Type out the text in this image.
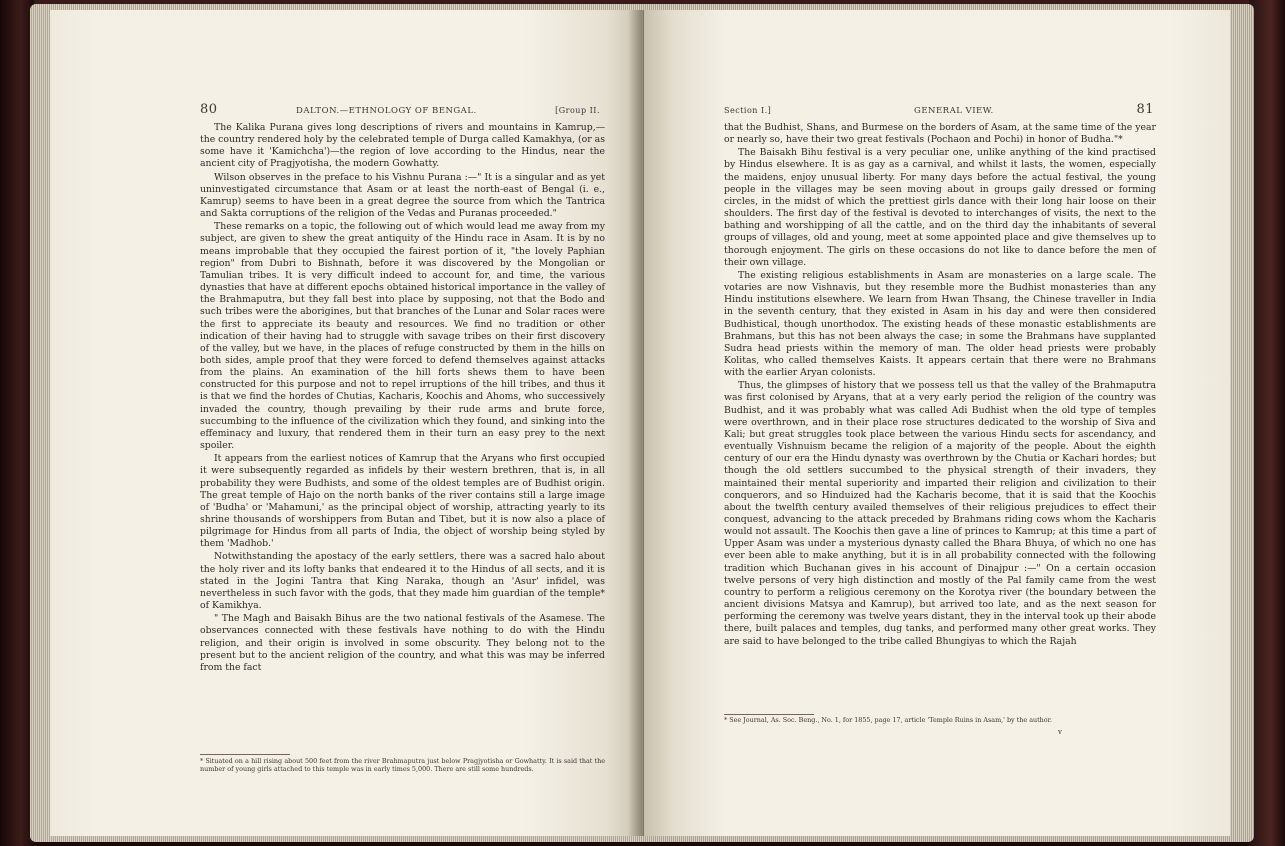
80	DALTON.—ETHNOLOGY OF BENGAL.	[Group II.

The Kalika Purana gives long descriptions of rivers and mountains in Kamrup,—the country rendered holy by the celebrated temple of Durga called Kamakhya, (or as some have it 'Kamichcha')—the region of love according to the Hindus, near the ancient city of Pragjyotisha, the modern Gowhatty.

Wilson observes in the preface to his Vishnu Purana :—" It is a singular and as yet uninvestigated circumstance that Asam or at least the north-east of Bengal (i. e., Kamrup) seems to have been in a great degree the source from which the Tantrica and Sakta corruptions of the religion of the Vedas and Puranas proceeded."

These remarks on a topic, the following out of which would lead me away from my subject, are given to shew the great antiquity of the Hindu race in Asam. It is by no means improbable that they occupied the fairest portion of it, "the lovely Paphian region" from Dubri to Bishnath, before it was discovered by the Mongolian or Tamulian tribes. It is very difficult indeed to account for, and time, the various dynasties that have at different epochs obtained historical importance in the valley of the Brahmaputra, but they fall best into place by supposing, not that the Bodo and such tribes were the aborigines, but that branches of the Lunar and Solar races were the first to appreciate its beauty and resources. We find no tradition or other indication of their having had to struggle with savage tribes on their first discovery of the valley, but we have, in the places of refuge constructed by them in the hills on both sides, ample proof that they were forced to defend themselves against attacks from the plains. An examination of the hill forts shews them to have been constructed for this purpose and not to repel irruptions of the hill tribes, and thus it is that we find the hordes of Chutias, Kacharis, Koochis and Ahoms, who successively invaded the country, though prevailing by their rude arms and brute force, succumbing to the influence of the civilization which they found, and sinking into the effeminacy and luxury, that rendered them in their turn an easy prey to the next spoiler.

It appears from the earliest notices of Kamrup that the Aryans who first occupied it were subsequently regarded as infidels by their western brethren, that is, in all probability they were Budhists, and some of the oldest temples are of Budhist origin. The great temple of Hajo on the north banks of the river contains still a large image of 'Budha' or 'Mahamuni,' as the principal object of worship, attracting yearly to its shrine thousands of worshippers from Butan and Tibet, but it is now also a place of pilgrimage for Hindus from all parts of India, the object of worship being styled by them 'Madhob.'

Notwithstanding the apostacy of the early settlers, there was a sacred halo about the holy river and its lofty banks that endeared it to the Hindus of all sects, and it is stated in the Jogini Tantra that King Naraka, though an 'Asur' infidel, was nevertheless in such favor with the gods, that they made him guardian of the temple* of Kamikhya.

" The Magh and Baisakh Bihus are the two national festivals of the Asamese. The observances connected with these festivals have nothing to do with the Hindu religion, and their origin is involved in some obscurity. They belong not to the present but to the ancient religion of the country, and what this was may be inferred from the fact

* Situated on a hill rising about 500 feet from the river Brahmaputra just below Pragjyotisha or Gowhatty. It is said that the number of young girls attached to this temple was in early times 5,000. There are still some hundreds.
Section I.]	GENERAL VIEW.	81

that the Budhist, Shans, and Burmese on the borders of Asam, at the same time of the year or nearly so, have their two great festivals (Pochaon and Pochi) in honor of Budha."*

The Baisakh Bihu festival is a very peculiar one, unlike anything of the kind practised by Hindus elsewhere. It is as gay as a carnival, and whilst it lasts, the women, especially the maidens, enjoy unusual liberty. For many days before the actual festival, the young people in the villages may be seen moving about in groups gaily dressed or forming circles, in the midst of which the prettiest girls dance with their long hair loose on their shoulders. The first day of the festival is devoted to interchanges of visits, the next to the bathing and worshipping of all the cattle, and on the third day the inhabitants of several groups of villages, old and young, meet at some appointed place and give themselves up to thorough enjoyment. The girls on these occasions do not like to dance before the men of their own village.

The existing religious establishments in Asam are monasteries on a large scale. The votaries are now Vishnavis, but they resemble more the Budhist monasteries than any Hindu institutions elsewhere. We learn from Hwan Thsang, the Chinese traveller in India in the seventh century, that they existed in Asam in his day and were then considered Budhistical, though unorthodox. The existing heads of these monastic establishments are Brahmans, but this has not been always the case; in some the Brahmans have supplanted Sudra head priests within the memory of man. The older head priests were probably Kolitas, who called themselves Kaists. It appears certain that there were no Brahmans with the earlier Aryan colonists.

Thus, the glimpses of history that we possess tell us that the valley of the Brahmaputra was first colonised by Aryans, that at a very early period the religion of the country was Budhist, and it was probably what was called Adi Budhist when the old type of temples were overthrown, and in their place rose structures dedicated to the worship of Siva and Kali; but great struggles took place between the various Hindu sects for ascendancy, and eventually Vishnuism became the religion of a majority of the people. About the eighth century of our era the Hindu dynasty was overthrown by the Chutia or Kachari hordes; but though the old settlers succumbed to the physical strength of their invaders, they maintained their mental superiority and imparted their religion and civilization to their conquerors, and so Hinduized had the Kacharis become, that it is said that the Koochis about the twelfth century availed themselves of their religious prejudices to effect their conquest, advancing to the attack preceded by Brahmans riding cows whom the Kacharis would not assault. The Koochis then gave a line of princes to Kamrup; at this time a part of Upper Asam was under a mysterious dynasty called the Bhara Bhuya, of which no one has ever been able to make anything, but it is in all probability connected with the following tradition which Buchanan gives in his account of Dinajpur :—" On a certain occasion twelve persons of very high distinction and mostly of the Pal family came from the west country to perform a religious ceremony on the Korotya river (the boundary between the ancient divisions Matsya and Kamrup), but arrived too late, and as the next season for performing the ceremony was twelve years distant, they in the interval took up their abode there, built palaces and temples, dug tanks, and performed many other great works. They are said to have belonged to the tribe called Bhungiyas to which the Rajah

* See Journal, As. Soc. Beng., No. 1, for 1855, page 17, article 'Temple Ruins in Asam,' by the author.
v
